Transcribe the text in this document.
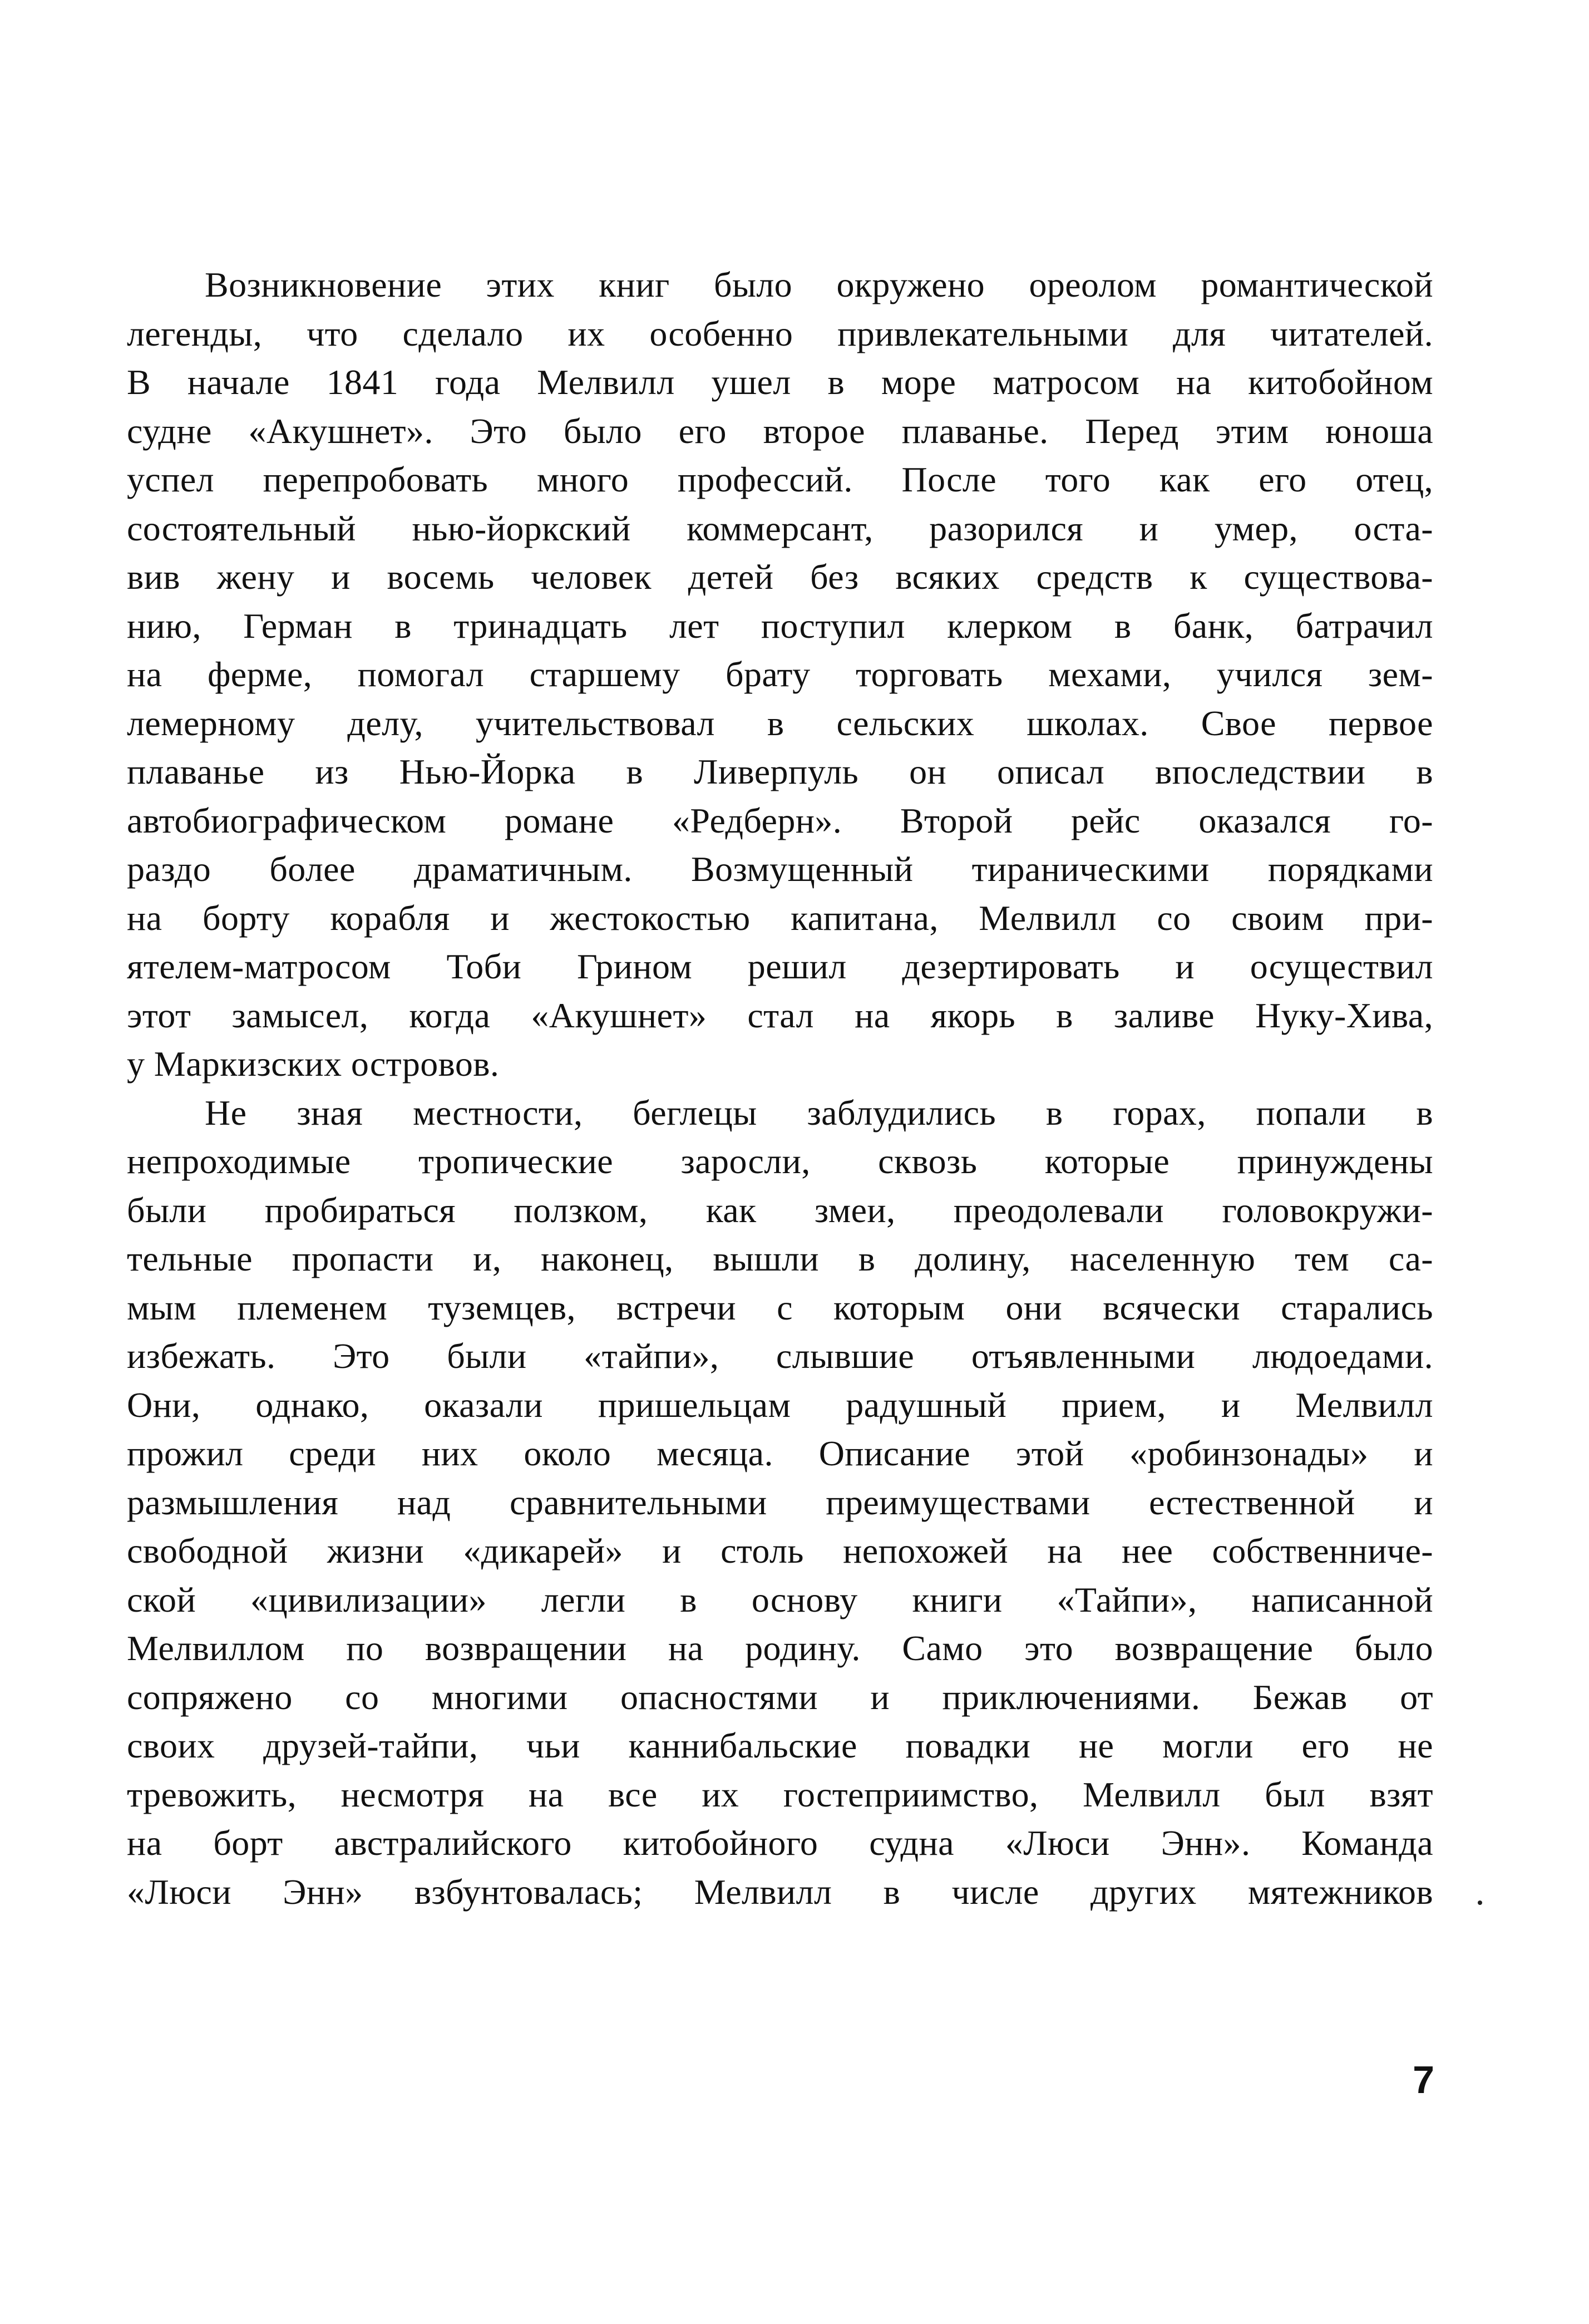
Возникновение этих книг было окружено ореолом романтической
легенды, что сделало их особенно привлекательными для читателей.
В начале 1841 года Мелвилл ушел в море матросом на китобойном
судне «Акушнет». Это было его второе плаванье. Перед этим юноша
успел перепробовать много профессий. После того как его отец,
состоятельный нью-йоркский коммерсант, разорился и умер, оста-
вив жену и восемь человек детей без всяких средств к существова-
нию, Герман в тринадцать лет поступил клерком в банк, батрачил
на ферме, помогал старшему брату торговать мехами, учился зем-
лемерному делу, учительствовал в сельских школах. Свое первое
плаванье из Нью-Йорка в Ливерпуль он описал впоследствии в
автобиографическом романе «Редберн». Второй рейс оказался го-
раздо более драматичным. Возмущенный тираническими порядками
на борту корабля и жестокостью капитана, Мелвилл со своим при-
ятелем-матросом Тоби Грином решил дезертировать и осуществил
этот замысел, когда «Акушнет» стал на якорь в заливе Нуку-Хива,
у Маркизских островов.

Не зная местности, беглецы заблудились в горах, попали в
непроходимые тропические заросли, сквозь которые принуждены
были пробираться ползком, как змеи, преодолевали головокружи-
тельные пропасти и, наконец, вышли в долину, населенную тем са-
мым племенем туземцев, встречи с которым они всячески старались
избежать. Это были «тайпи», слывшие отъявленными людоедами.
Они, однако, оказали пришельцам радушный прием, и Мелвилл
прожил среди них около месяца. Описание этой «робинзонады» и
размышления над сравнительными преимуществами естественной и
свободной жизни «дикарей» и столь непохожей на нее собственниче-
ской «цивилизации» легли в основу книги «Тайпи», написанной
Мелвиллом по возвращении на родину. Само это возвращение было
сопряжено со многими опасностями и приключениями. Бежав от
своих друзей-тайпи, чьи каннибальские повадки не могли его не
тревожить, несмотря на все их гостеприимство, Мелвилл был взят
на борт австралийского китобойного судна «Люси Энн». Команда
«Люси Энн» взбунтовалась; Мелвилл в числе других мятежников

7
